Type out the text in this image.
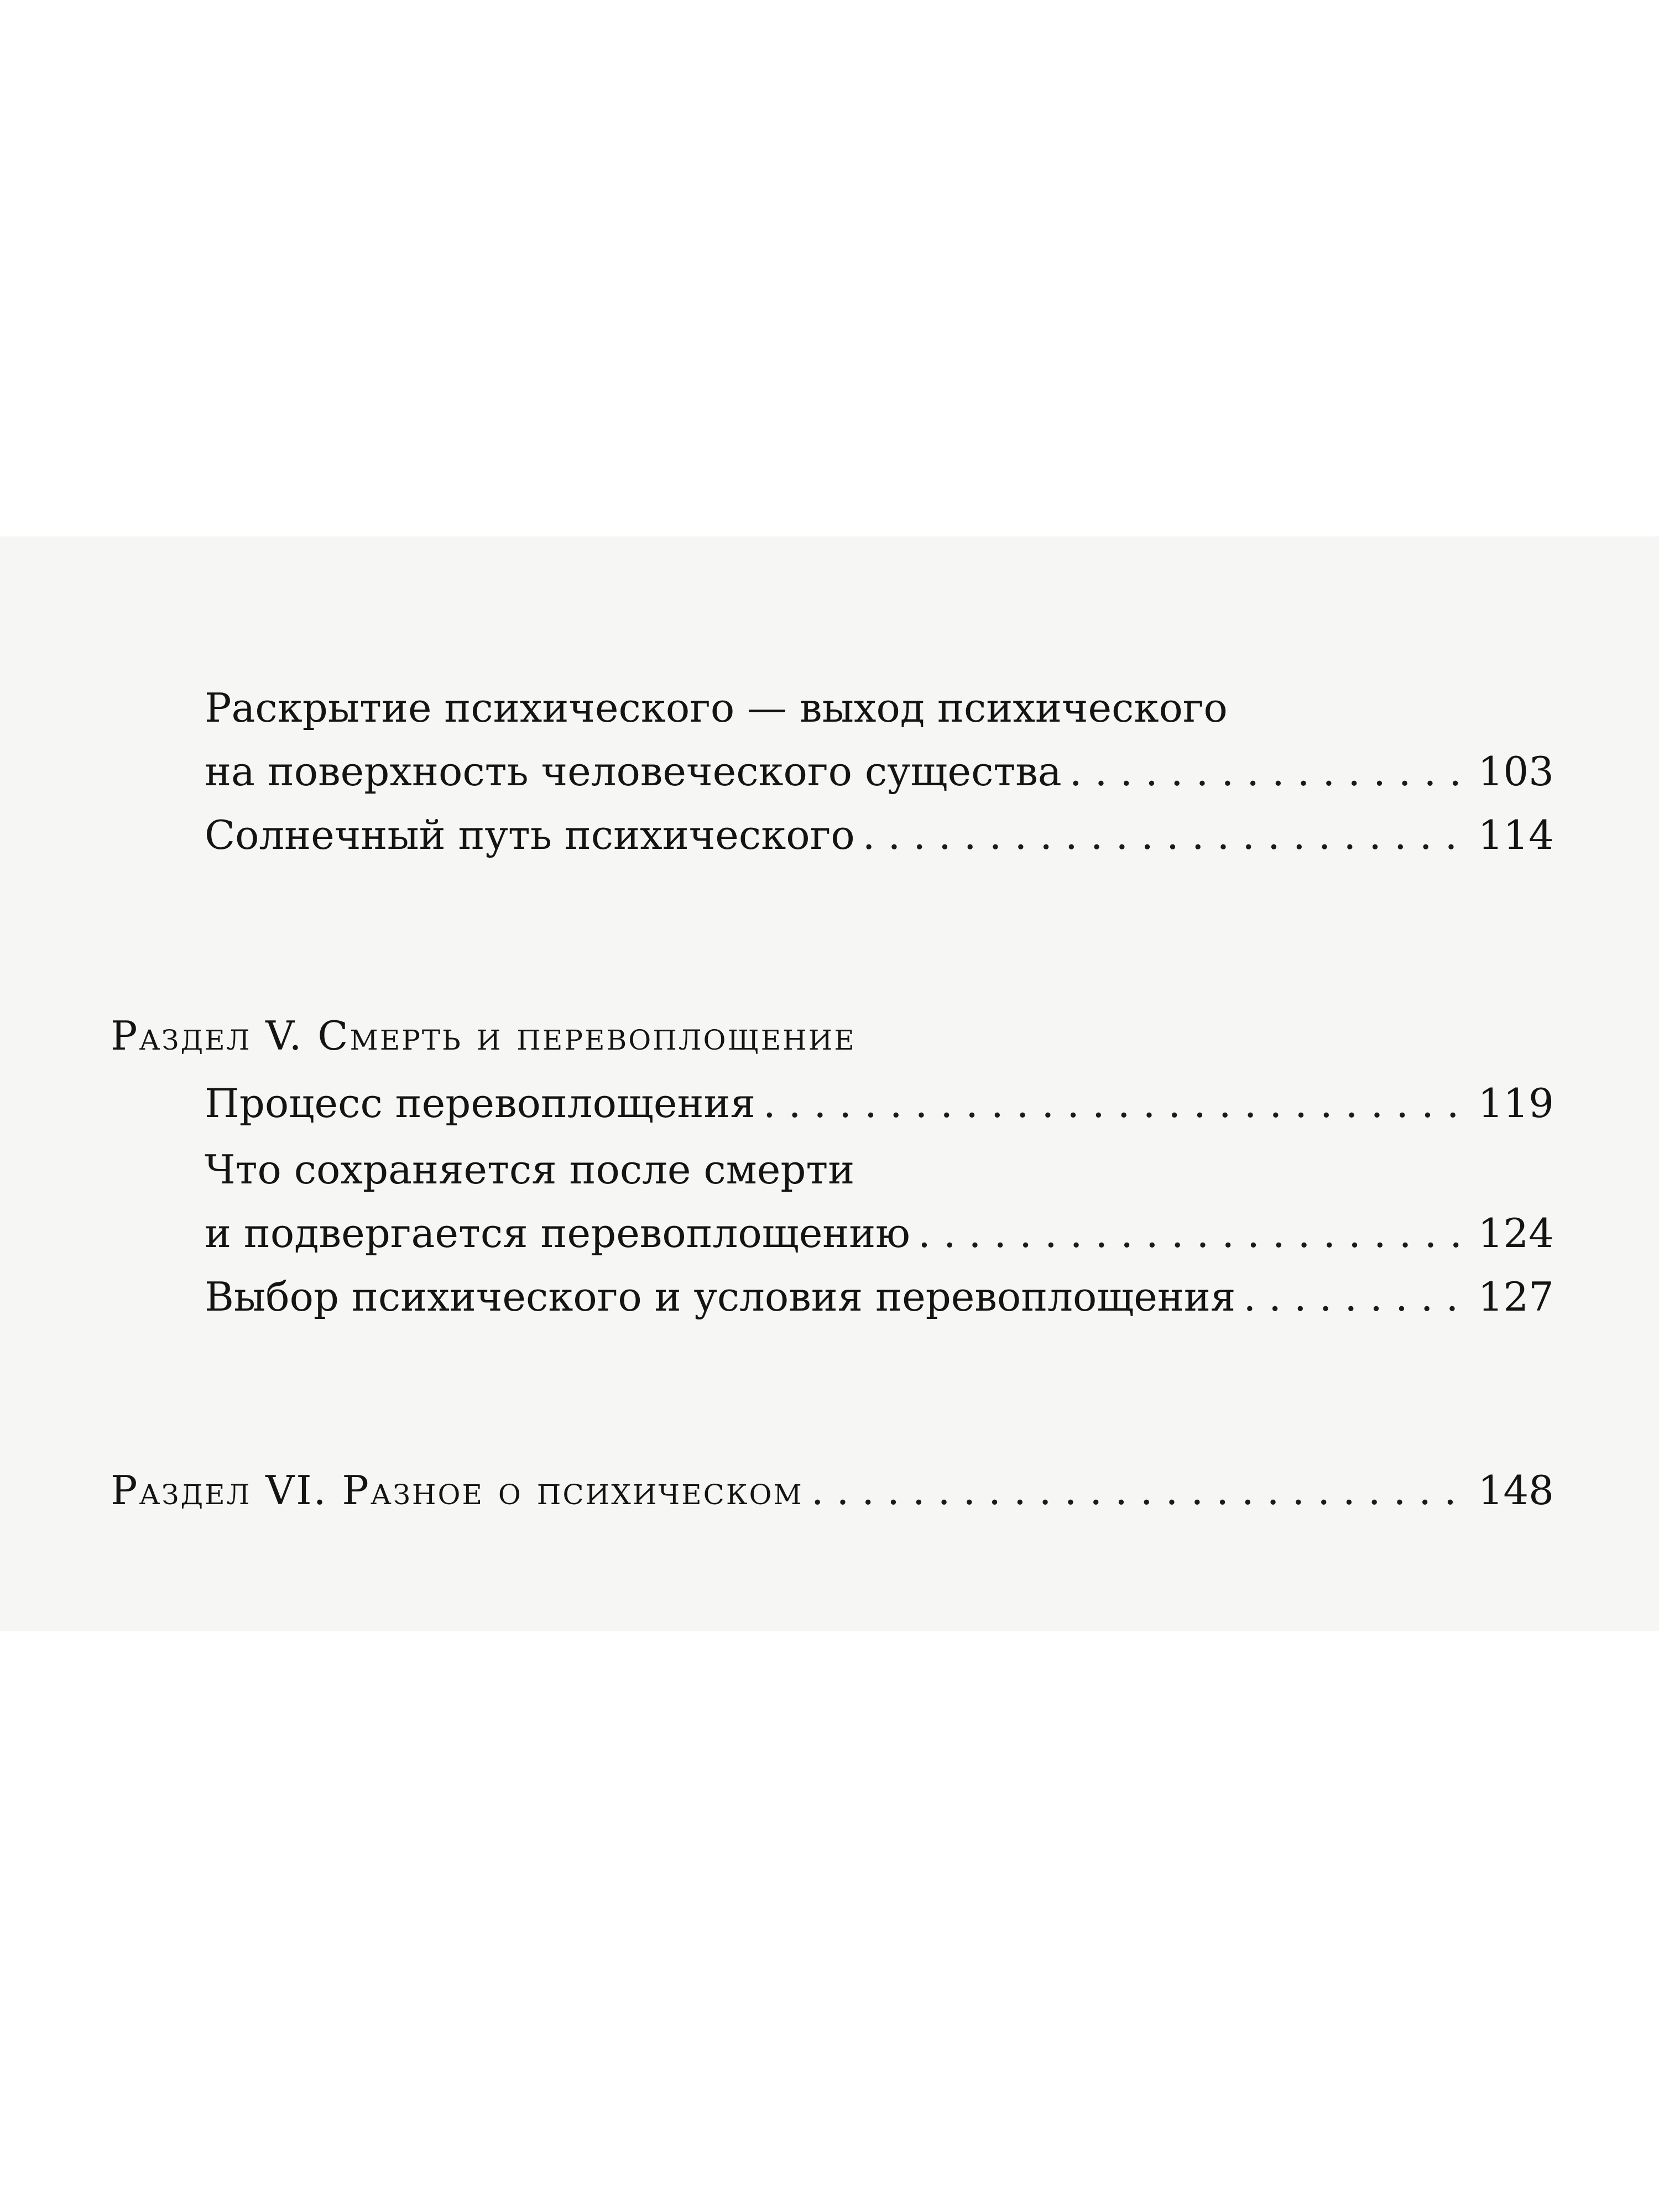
Раскрытие психического — выход психического
на поверхность человеческого существа . . .	103
Солнечный путь психического . . .	114
Раздел V. Смерть и перевоплощение
Процесс перевоплощения . . .	119
Что сохраняется после смерти
и подвергается перевоплощению . . .	124
Выбор психического и условия перевоплощения . . .	127
Раздел VI. Разное о психическом . . .	148
